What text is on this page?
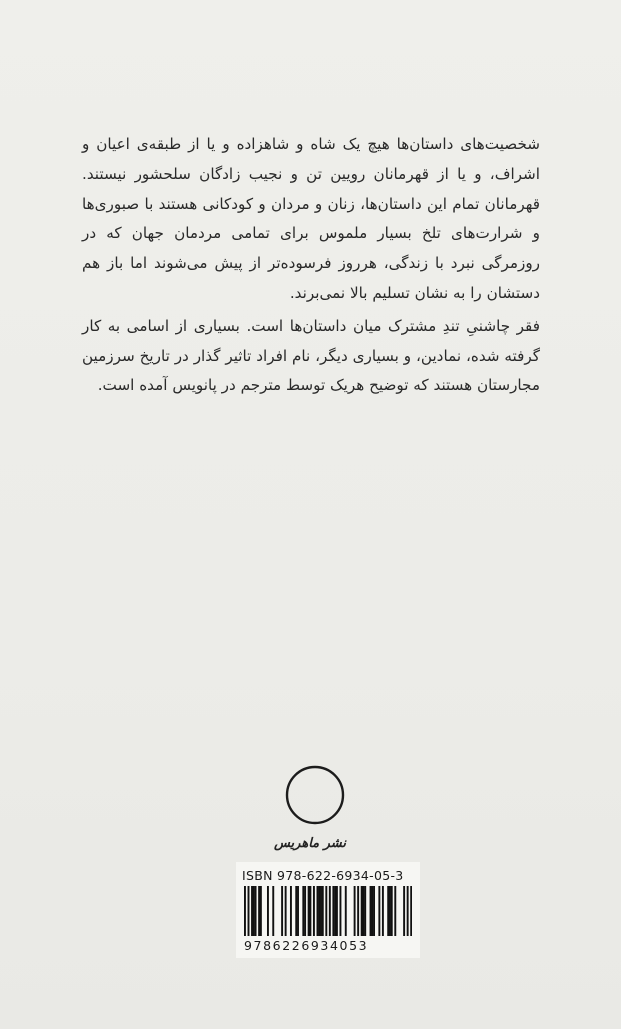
شخصیت‌های داستان‌ها هیچ یک شاه و شاهزاده و یا از طبقه‌ی اعیان و اشراف، و یا از قهرمانان رویین تن و نجیب زادگان سلحشور نیستند. قهرمانان تمام این داستان‌ها، زنان و مردان و کودکانی هستند با صبوری‌ها و شرارت‌های تلخ بسیار ملموس برای تمامی مردمان جهان که در روزمرگی نبرد با زندگی، هرروز فرسوده‌تر از پیش می‌شوند اما باز هم دستشان را به نشان تسلیم بالا نمی‌برند.

فقر چاشنیِ تندِ مشترک میان داستان‌ها است. بسیاری از اسامی به کار گرفته شده، نمادین، و بسیاری دیگر، نام افراد تاثیر گذار در تاریخ سرزمین مجارستان هستند که توضیح هریک توسط مترجم در پانویس آمده است.

نشر ماهریس
ISBN 978-622-6934-05-3
9786226934053
